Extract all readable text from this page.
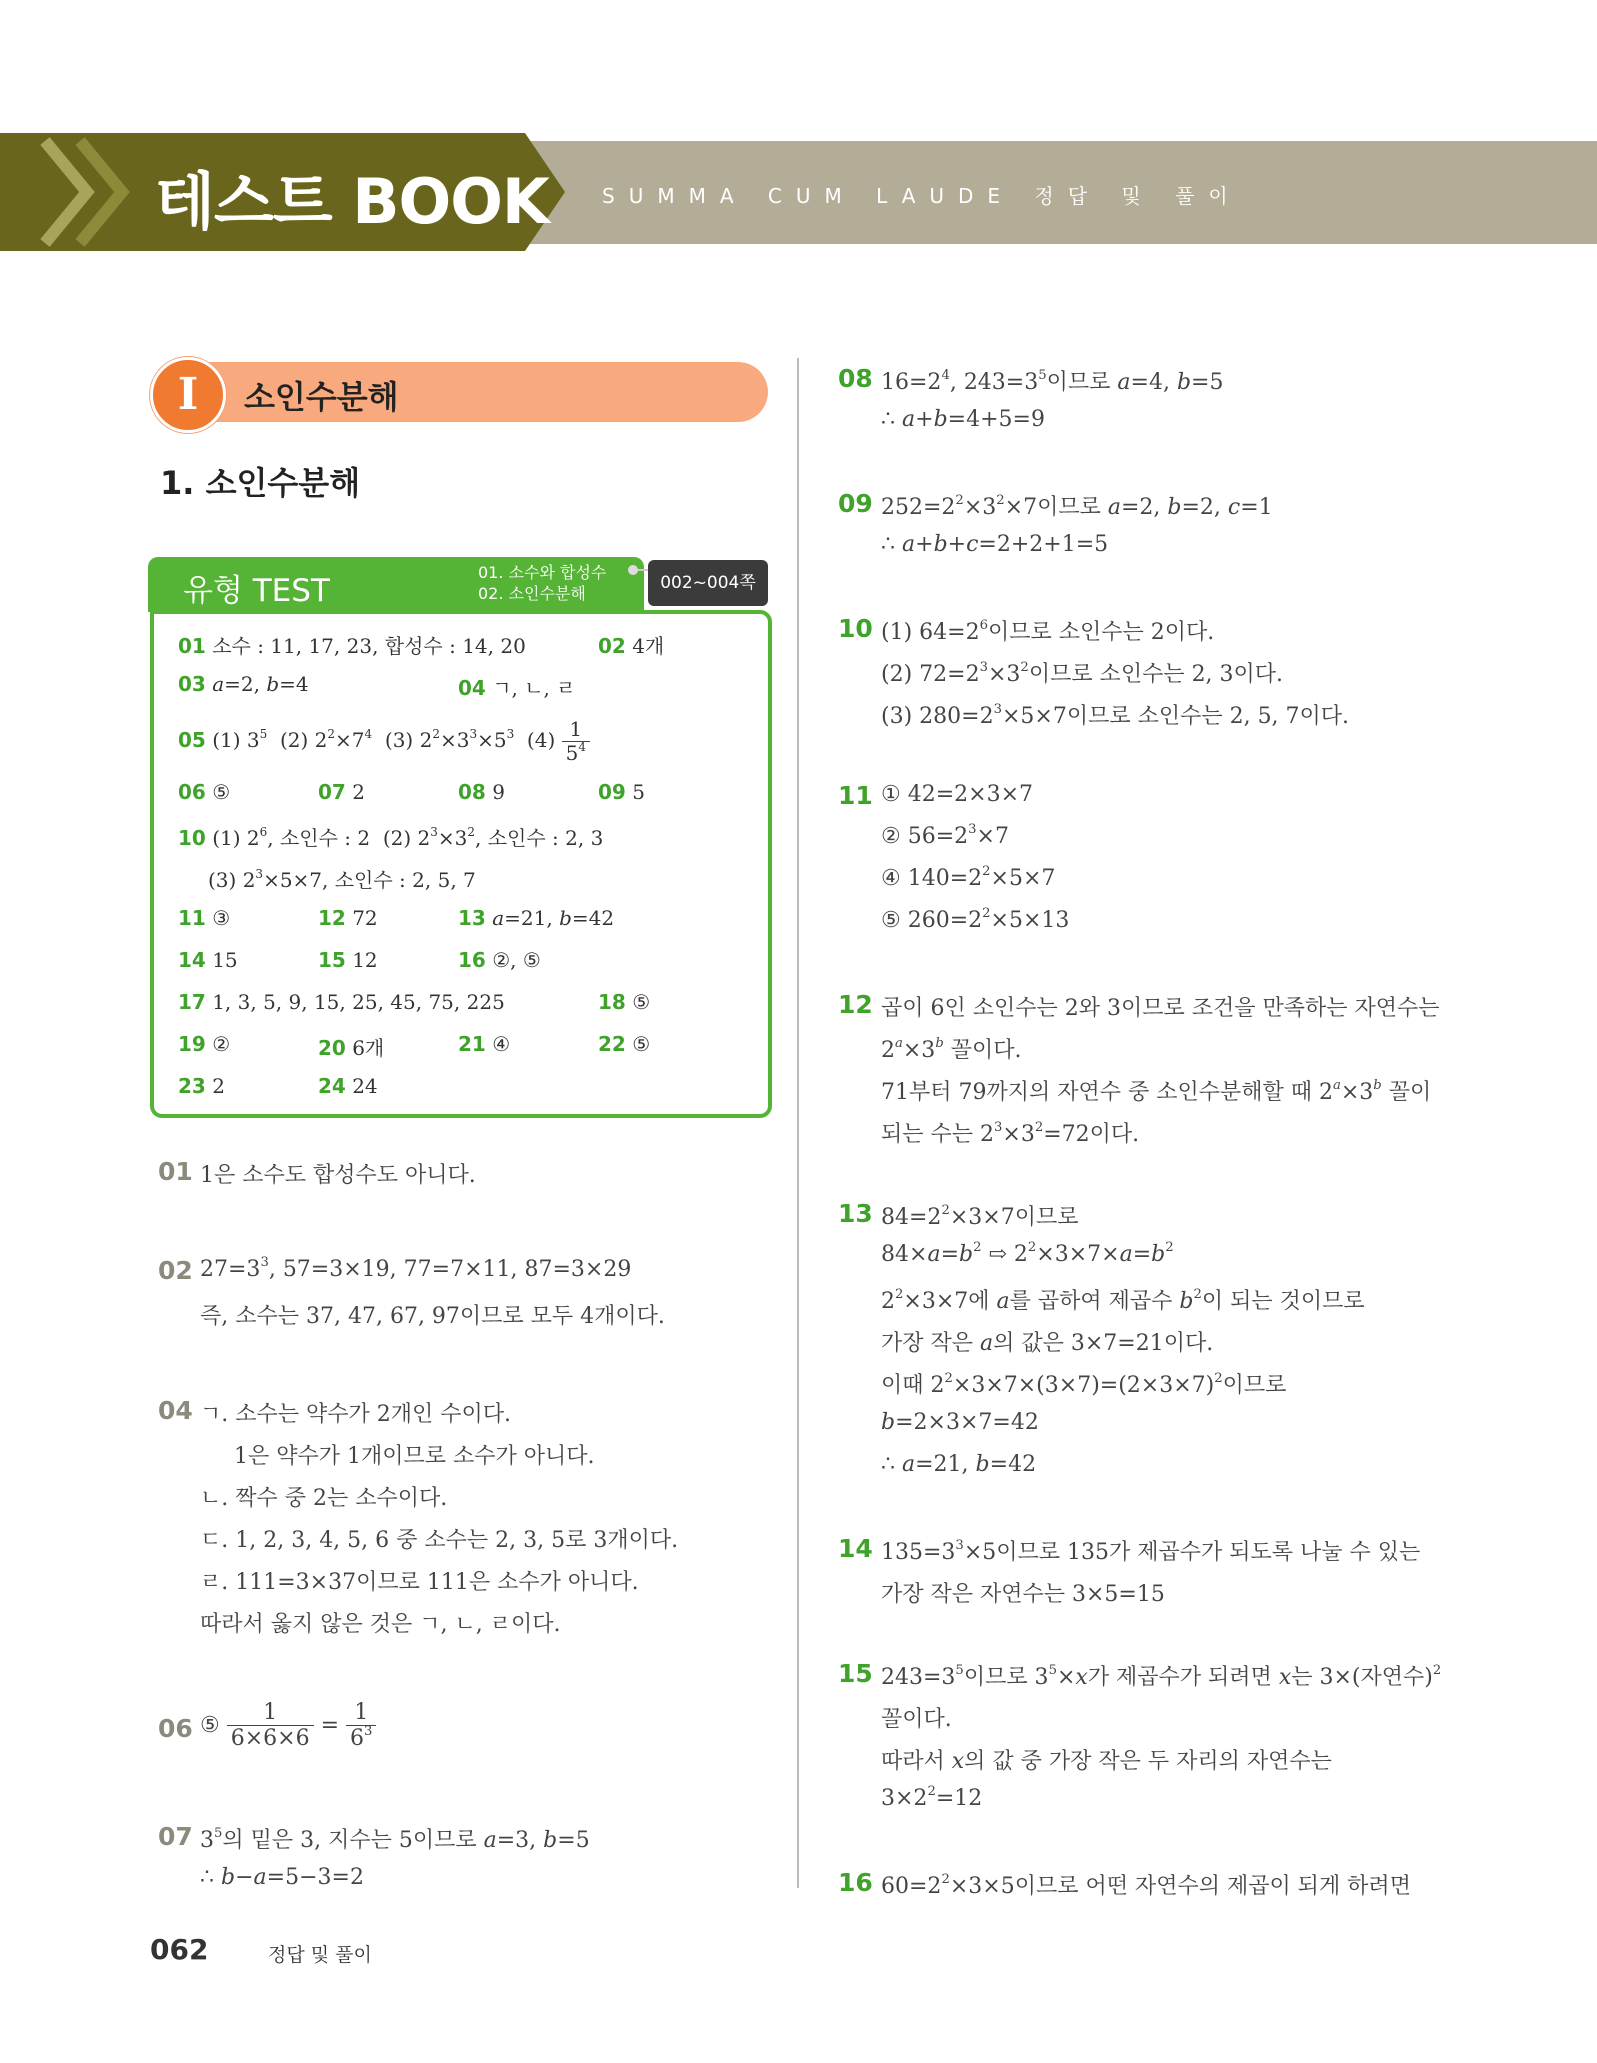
테스트 BOOK	SUMMA CUM LAUDE 정답 및 풀이
I	소인수분해
1. 소인수분해
유형 TEST
01. 소수와 합성수
02. 소인수분해
002~004쪽
01 소수 : 11, 17, 23, 합성수 : 14, 20	02 4개
03 a=2, b=4	04 ㄱ, ㄴ, ㄹ
05 (1) $3^5$  (2) $2^2\times 7^4$  (3) $2^2\times 3^3\times 5^3$  $(4) \frac{1}{5^4}$
06 ⑤	07 2	08 9	09 5
10 (1) $2^6$, 소인수 : 2  (2) $2^3\times 3^2$, 소인수 : 2, 3
(3) $2^3\times 5\times 7$, 소인수 : 2, 5, 7
11 ③	12 72	13 a=21, b=42
14 15	15 12	16 ②, ⑤
17 1, 3, 5, 9, 15, 25, 45, 75, 225	18 ⑤
19 ②	20 6개	21 ④	22 ⑤
23 2	24 24
01 1은 소수도 합성수도 아니다.
02 $27=3^3$, 57=3×19, 77=7×11, 87=3×29
즉, 소수는 37, 47, 67, 97이므로 모두 4개이다.
04 ㄱ. 소수는 약수가 2개인 수이다.
1은 약수가 1개이므로 소수가 아니다.
ㄴ. 짝수 중 2는 소수이다.
ㄷ. 1, 2, 3, 4, 5, 6 중 소수는 2, 3, 5로 3개이다.
ㄹ. 111=3×37이므로 111은 소수가 아니다.
따라서 옳지 않은 것은 ㄱ, ㄴ, ㄹ이다.
06 ⑤ $\frac{1}{6\times 6\times 6} = \frac{1}{6^3}$
07 $3^5$의 밑은 3, 지수는 5이므로 a=3, b=5
∴ b−a=5−3=2
08 $16=2^4$, $243=3^5$이므로 a=4, b=5
∴ a+b=4+5=9
09 $252=2^2\times 3^2\times 7$이므로 a=2, b=2, c=1
∴ a+b+c=2+2+1=5
10 (1) $64=2^6$이므로 소인수는 2이다.
(2) $72=2^3\times 3^2$이므로 소인수는 2, 3이다.
(3) $280=2^3\times 5\times 7$이므로 소인수는 2, 5, 7이다.
11 ① 42=2×3×7
② $56=2^3\times 7$
④ $140=2^2\times 5\times 7$
⑤ $260=2^2\times 5\times 13$
12 곱이 6인 소인수는 2와 3이므로 조건을 만족하는 자연수는
$2^a\times 3^b$ 꼴이다.
71부터 79까지의 자연수 중 소인수분해할 때 $2^a\times 3^b$ 꼴이
되는 수는 $2^3\times 3^2=72$이다.
13 $84=2^2\times 3\times 7$이므로
$84\times a=b^2$ ⇨ $2^2\times 3\times 7\times a=b^2$
$2^2\times 3\times 7$에 a를 곱하여 제곱수 $b^2$이 되는 것이므로
가장 작은 a의 값은 3×7=21이다.
이때 $2^2\times 3\times 7\times(3\times 7)=(2\times 3\times 7)^2$이므로
b=2×3×7=42
∴ a=21, b=42
14 $135=3^3\times 5$이므로 135가 제곱수가 되도록 나눌 수 있는
가장 작은 자연수는 3×5=15
15 $243=3^5$이므로 $3^5\times x$가 제곱수가 되려면 x는 3×(자연수)$^2$
꼴이다.
따라서 x의 값 중 가장 작은 두 자리의 자연수는
$3\times 2^2=12$
16 $60=2^2\times 3\times 5$이므로 어떤 자연수의 제곱이 되게 하려면
062	정답 및 풀이
